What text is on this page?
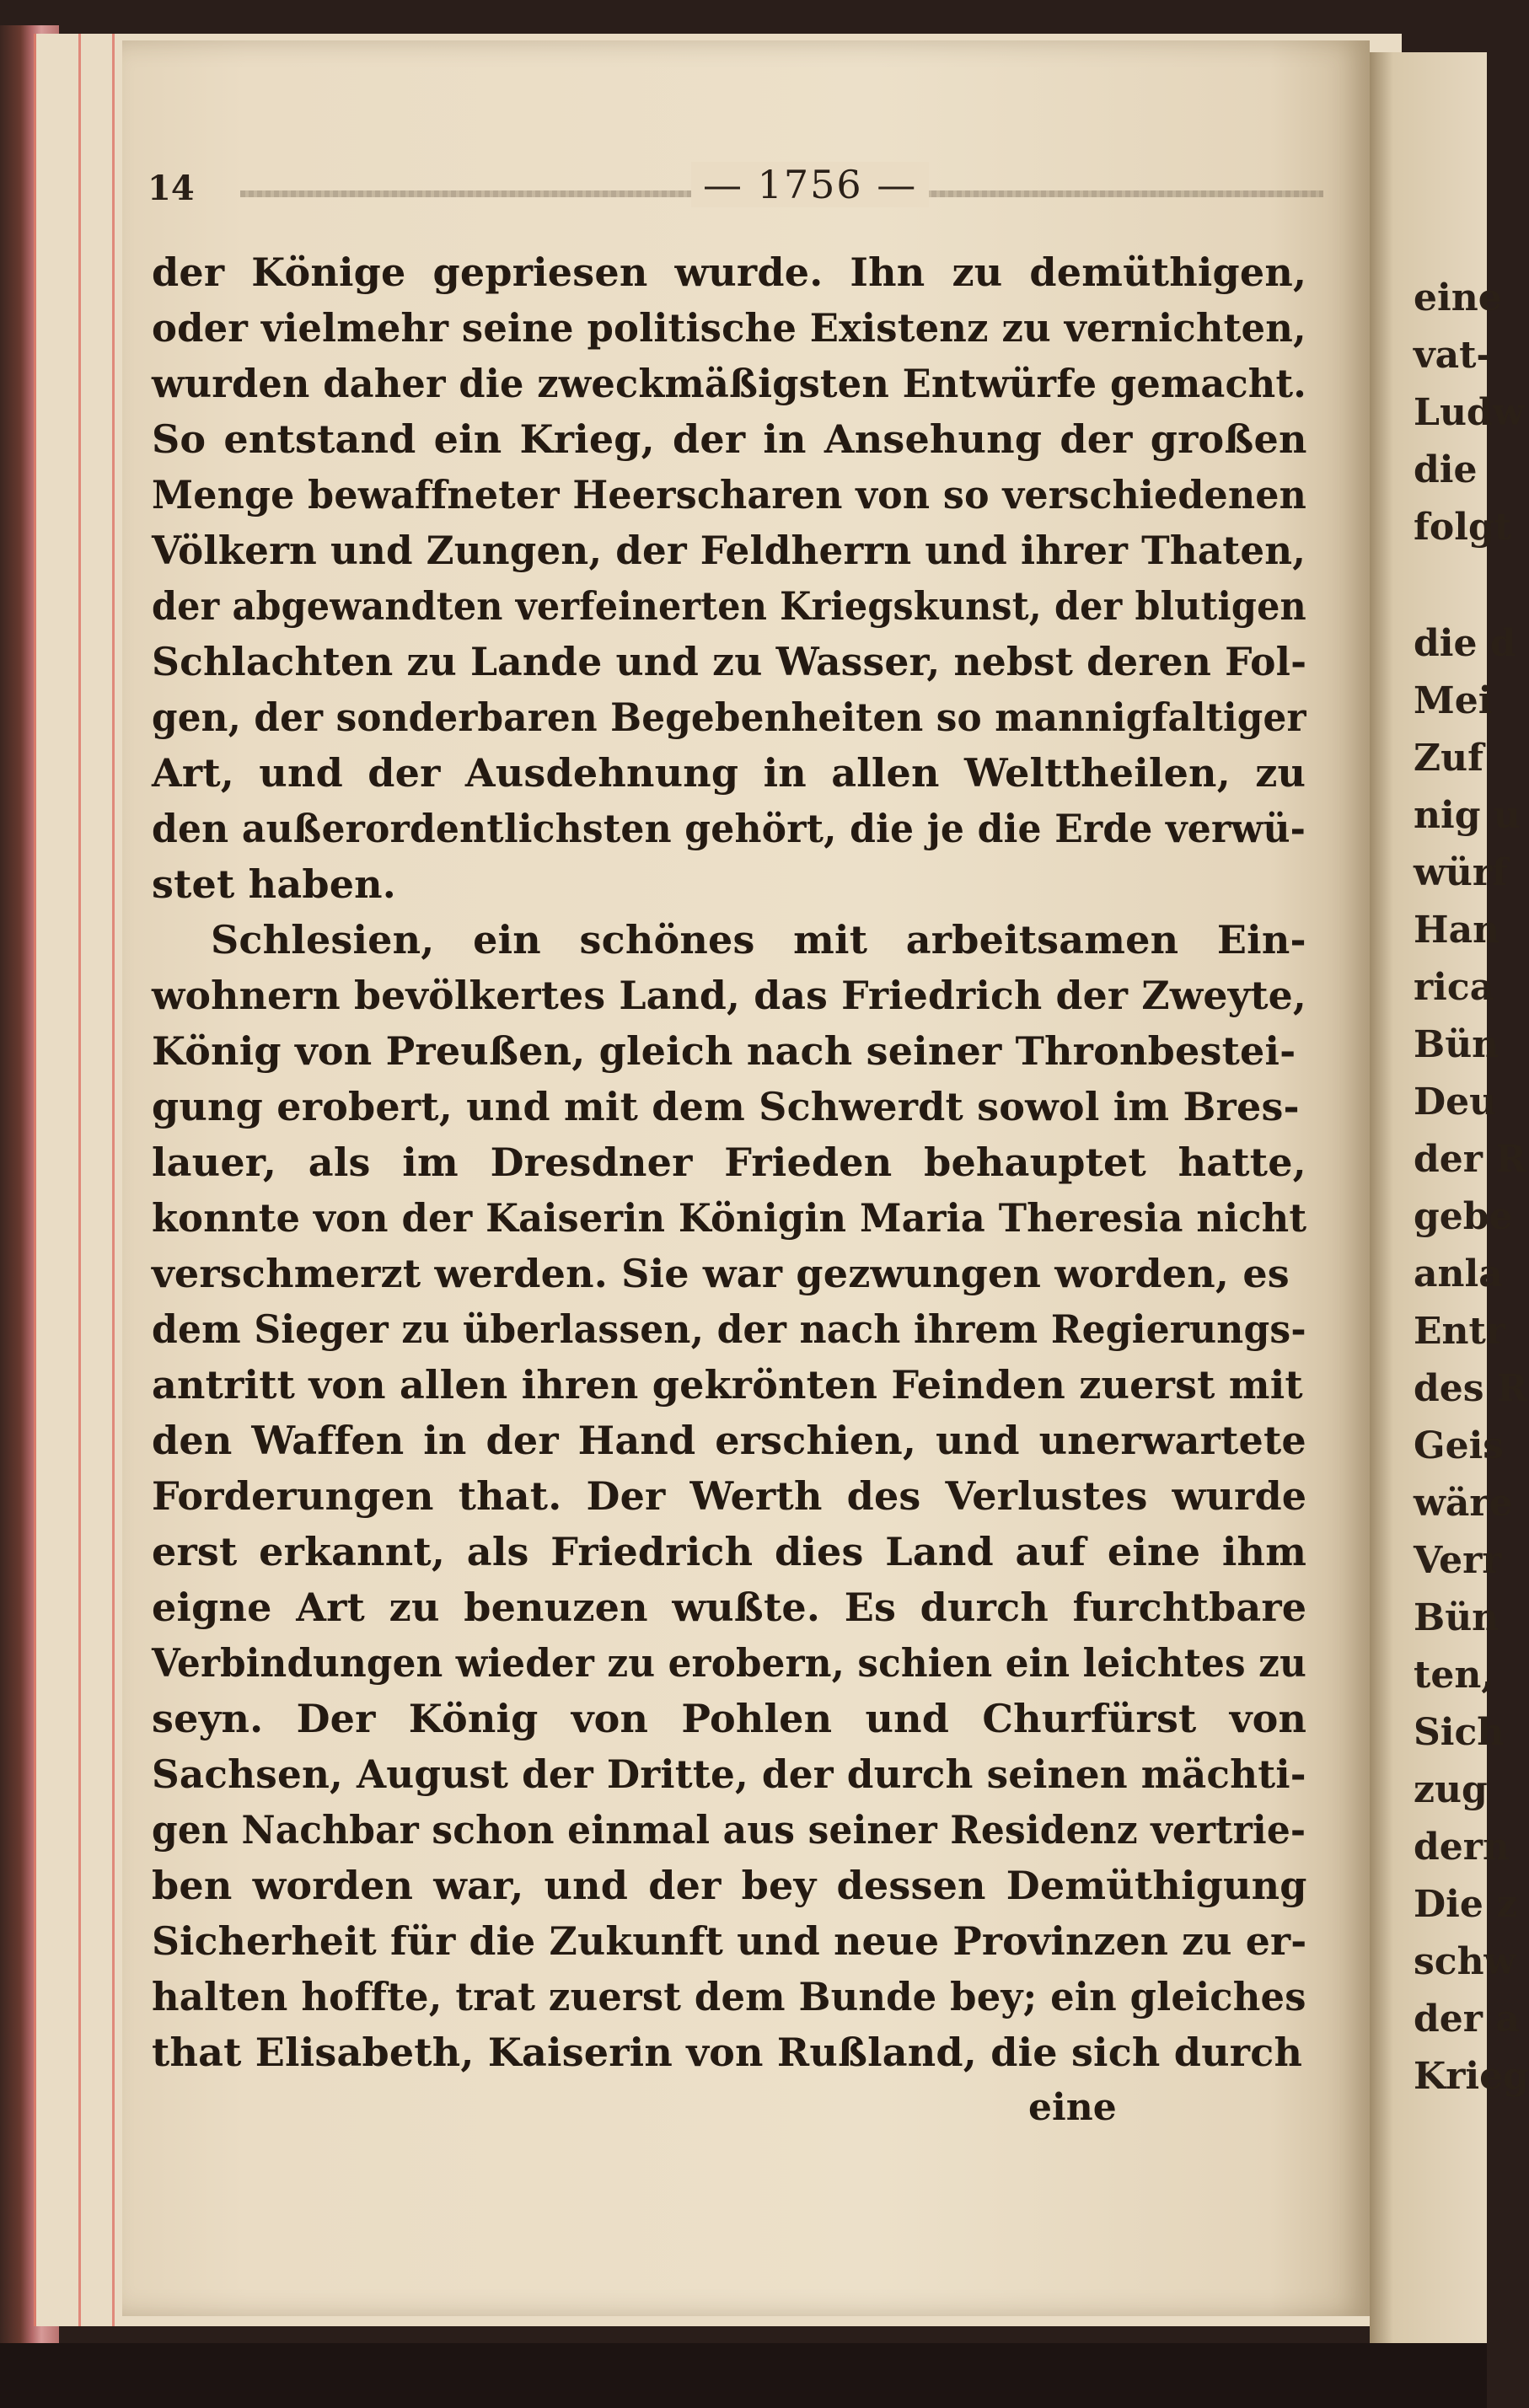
14	— 1756 —
der Könige gepriesen wurde. Ihn zu demüthigen,
oder vielmehr seine politische Existenz zu vernichten,
wurden daher die zweckmäßigsten Entwürfe gemacht.
So entstand ein Krieg, der in Ansehung der großen
Menge bewaffneter Heerscharen von so verschiedenen
Völkern und Zungen, der Feldherrn und ihrer Thaten,
der abgewandten verfeinerten Kriegskunst, der blutigen
Schlachten zu Lande und zu Wasser, nebst deren Fol-
gen, der sonderbaren Begebenheiten so mannigfaltiger
Art, und der Ausdehnung in allen Welttheilen, zu
den außerordentlichsten gehört, die je die Erde verwü-
stet haben.
Schlesien, ein schönes mit arbeitsamen Ein-
wohnern bevölkertes Land, das Friedrich der Zweyte,
König von Preußen, gleich nach seiner Thronbestei-
gung erobert, und mit dem Schwerdt sowol im Bres-
lauer, als im Dresdner Frieden behauptet hatte,
konnte von der Kaiserin Königin Maria Theresia nicht
verschmerzt werden. Sie war gezwungen worden, es
dem Sieger zu überlassen, der nach ihrem Regierungs-
antritt von allen ihren gekrönten Feinden zuerst mit
den Waffen in der Hand erschien, und unerwartete
Forderungen that. Der Werth des Verlustes wurde
erst erkannt, als Friedrich dies Land auf eine ihm
eigne Art zu benuzen wußte. Es durch furchtbare
Verbindungen wieder zu erobern, schien ein leichtes zu
seyn. Der König von Pohlen und Churfürst von
Sachsen, August der Dritte, der durch seinen mächti-
gen Nachbar schon einmal aus seiner Residenz vertrie-
ben worden war, und der bey dessen Demüthigung
Sicherheit für die Zukunft und neue Provinzen zu er-
halten hoffte, trat zuerst dem Bunde bey; ein gleiches
that Elisabeth, Kaiserin von Rußland, die sich durch
eine
eine
vat-
Ludw
die
folgt
die d
Mei
Zuf
nig u
würf
Han
rica
Bün
Deu
der R
gebe
anla
Entr
des R
Geis
wäre
Verr
Bün
ten,
Sich
zug
dern
Die z
schw
der a
Krieg
